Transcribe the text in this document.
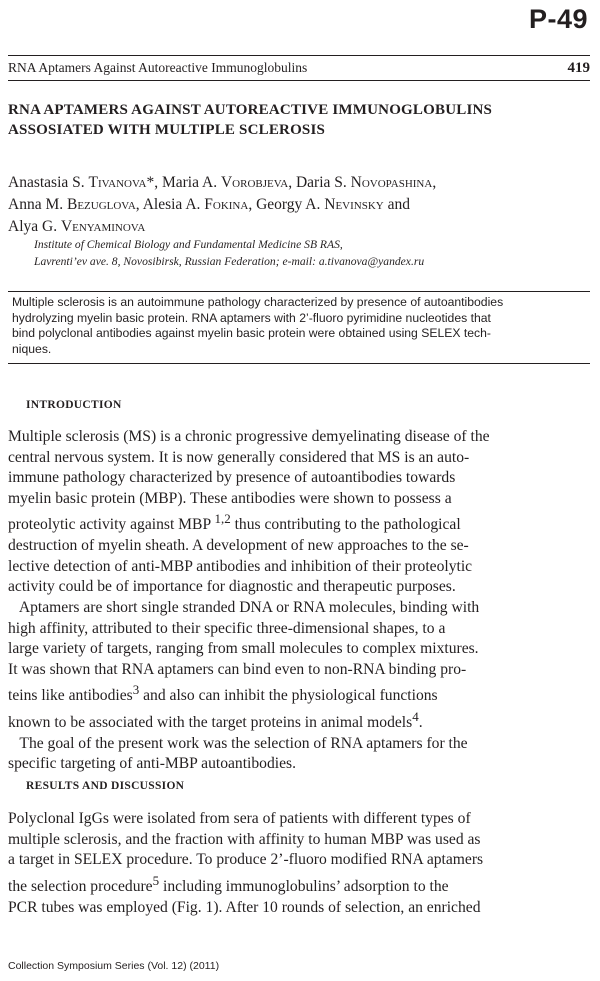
P-49
RNA Aptamers Against Autoreactive Immunoglobulins	419
RNA APTAMERS AGAINST AUTOREACTIVE IMMUNOGLOBULINS
ASSOSIATED WITH MULTIPLE SCLEROSIS
Anastasia S. Tivanova*, Maria A. Vorobjeva, Daria S. Novopashina,
Anna M. Bezuglova, Alesia A. Fokina, Georgy A. Nevinsky and
Alya G. Venyaminova
Institute of Chemical Biology and Fundamental Medicine SB RAS,
Lavrenti’ev ave. 8, Novosibirsk, Russian Federation; e-mail: a.tivanova@yandex.ru
Multiple sclerosis is an autoimmune pathology characterized by presence of autoantibodies
hydrolyzing myelin basic protein. RNA aptamers with 2’-fluoro pyrimidine nucleotides that
bind polyclonal antibodies against myelin basic protein were obtained using SELEX tech-
niques.
INTRODUCTION
Multiple sclerosis (MS) is a chronic progressive demyelinating disease of the
central nervous system. It is now generally considered that MS is an auto-
immune pathology characterized by presence of autoantibodies towards
myelin basic protein (MBP). These antibodies were shown to possess a
proteolytic activity against MBP $^{1,2}$ thus contributing to the pathological
destruction of myelin sheath. A development of new approaches to the se-
lective detection of anti-MBP antibodies and inhibition of their proteolytic
activity could be of importance for diagnostic and therapeutic purposes.
Aptamers are short single stranded DNA or RNA molecules, binding with
high affinity, attributed to their specific three-dimensional shapes, to a
large variety of targets, ranging from small molecules to complex mixtures.
It was shown that RNA aptamers can bind even to non-RNA binding pro-
teins like antibodies$^3$ and also can inhibit the physiological functions
known to be associated with the target proteins in animal models$^4$.
The goal of the present work was the selection of RNA aptamers for the
specific targeting of anti-MBP autoantibodies.
RESULTS AND DISCUSSION
Polyclonal IgGs were isolated from sera of patients with different types of
multiple sclerosis, and the fraction with affinity to human MBP was used as
a target in SELEX procedure. To produce 2’-fluoro modified RNA aptamers
the selection procedure$^5$ including immunoglobulins’ adsorption to the
PCR tubes was employed (Fig. 1). After 10 rounds of selection, an enriched
Collection Symposium Series (Vol. 12) (2011)
